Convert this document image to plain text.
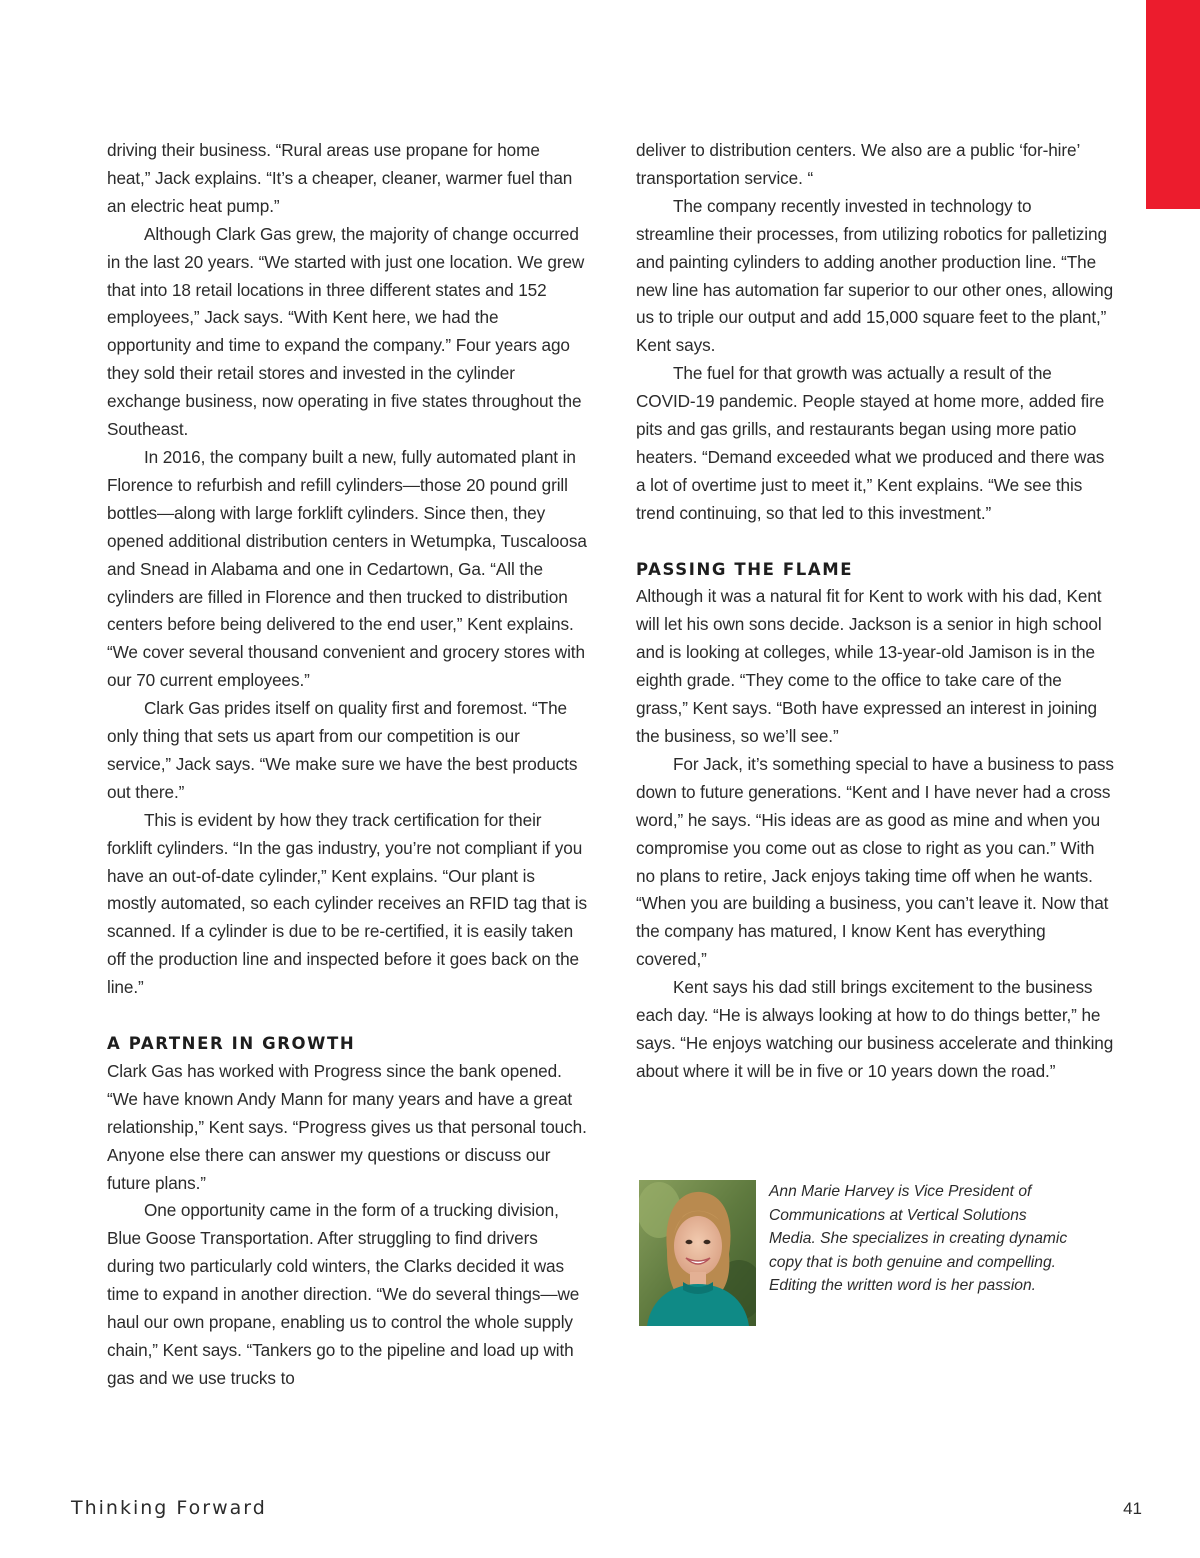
driving their business. “Rural areas use propane for home heat,” Jack explains. “It’s a cheaper, cleaner, warmer fuel than an electric heat pump.”

Although Clark Gas grew, the majority of change occurred in the last 20 years. “We started with just one location. We grew that into 18 retail locations in three different states and 152 employees,” Jack says. “With Kent here, we had the opportunity and time to expand the company.” Four years ago they sold their retail stores and invested in the cylinder exchange business, now operating in five states throughout the Southeast.

In 2016, the company built a new, fully automated plant in Florence to refurbish and refill cylinders—those 20 pound grill bottles—along with large forklift cylinders. Since then, they opened additional distribution centers in Wetumpka, Tuscaloosa and Snead in Alabama and one in Cedartown, Ga. “All the cylinders are filled in Florence and then trucked to distribution centers before being delivered to the end user,” Kent explains. “We cover several thousand convenient and grocery stores with our 70 current employees.”

Clark Gas prides itself on quality first and foremost. “The only thing that sets us apart from our competition is our service,” Jack says. “We make sure we have the best products out there.”

This is evident by how they track certification for their forklift cylinders. “In the gas industry, you’re not compliant if you have an out-of-date cylinder,” Kent explains. “Our plant is mostly automated, so each cylinder receives an RFID tag that is scanned. If a cylinder is due to be re-certified, it is easily taken off the production line and inspected before it goes back on the line.”

A PARTNER IN GROWTH

Clark Gas has worked with Progress since the bank opened. “We have known Andy Mann for many years and have a great relationship,” Kent says. “Progress gives us that personal touch. Anyone else there can answer my questions or discuss our future plans.”

One opportunity came in the form of a trucking division, Blue Goose Transportation. After struggling to find drivers during two particularly cold winters, the Clarks decided it was time to expand in another direction. “We do several things—we haul our own propane, enabling us to control the whole supply chain,” Kent says. “Tankers go to the pipeline and load up with gas and we use trucks to

deliver to distribution centers. We also are a public ‘for-hire’ transportation service. “

The company recently invested in technology to streamline their processes, from utilizing robotics for palletizing and painting cylinders to adding another production line. “The new line has automation far superior to our other ones, allowing us to triple our output and add 15,000 square feet to the plant,” Kent says.

The fuel for that growth was actually a result of the COVID-19 pandemic. People stayed at home more, added fire pits and gas grills, and restaurants began using more patio heaters. “Demand exceeded what we produced and there was a lot of overtime just to meet it,” Kent explains. “We see this trend continuing, so that led to this investment.”

PASSING THE FLAME

Although it was a natural fit for Kent to work with his dad, Kent will let his own sons decide. Jackson is a senior in high school and is looking at colleges, while 13-year-old Jamison is in the eighth grade. “They come to the office to take care of the grass,” Kent says. “Both have expressed an interest in joining the business, so we’ll see.”

For Jack, it’s something special to have a business to pass down to future generations. “Kent and I have never had a cross word,” he says. “His ideas are as good as mine and when you compromise you come out as close to right as you can.” With no plans to retire, Jack enjoys taking time off when he wants. “When you are building a business, you can’t leave it. Now that the company has matured, I know Kent has everything covered,”

Kent says his dad still brings excitement to the business each day. “He is always looking at how to do things better,” he says. “He enjoys watching our business accelerate and thinking about where it will be in five or 10 years down the road.”

Ann Marie Harvey is Vice President of Communications at Vertical Solutions Media. She specializes in creating dynamic copy that is both genuine and compelling. Editing the written word is her passion.
Thinking Forward	41
